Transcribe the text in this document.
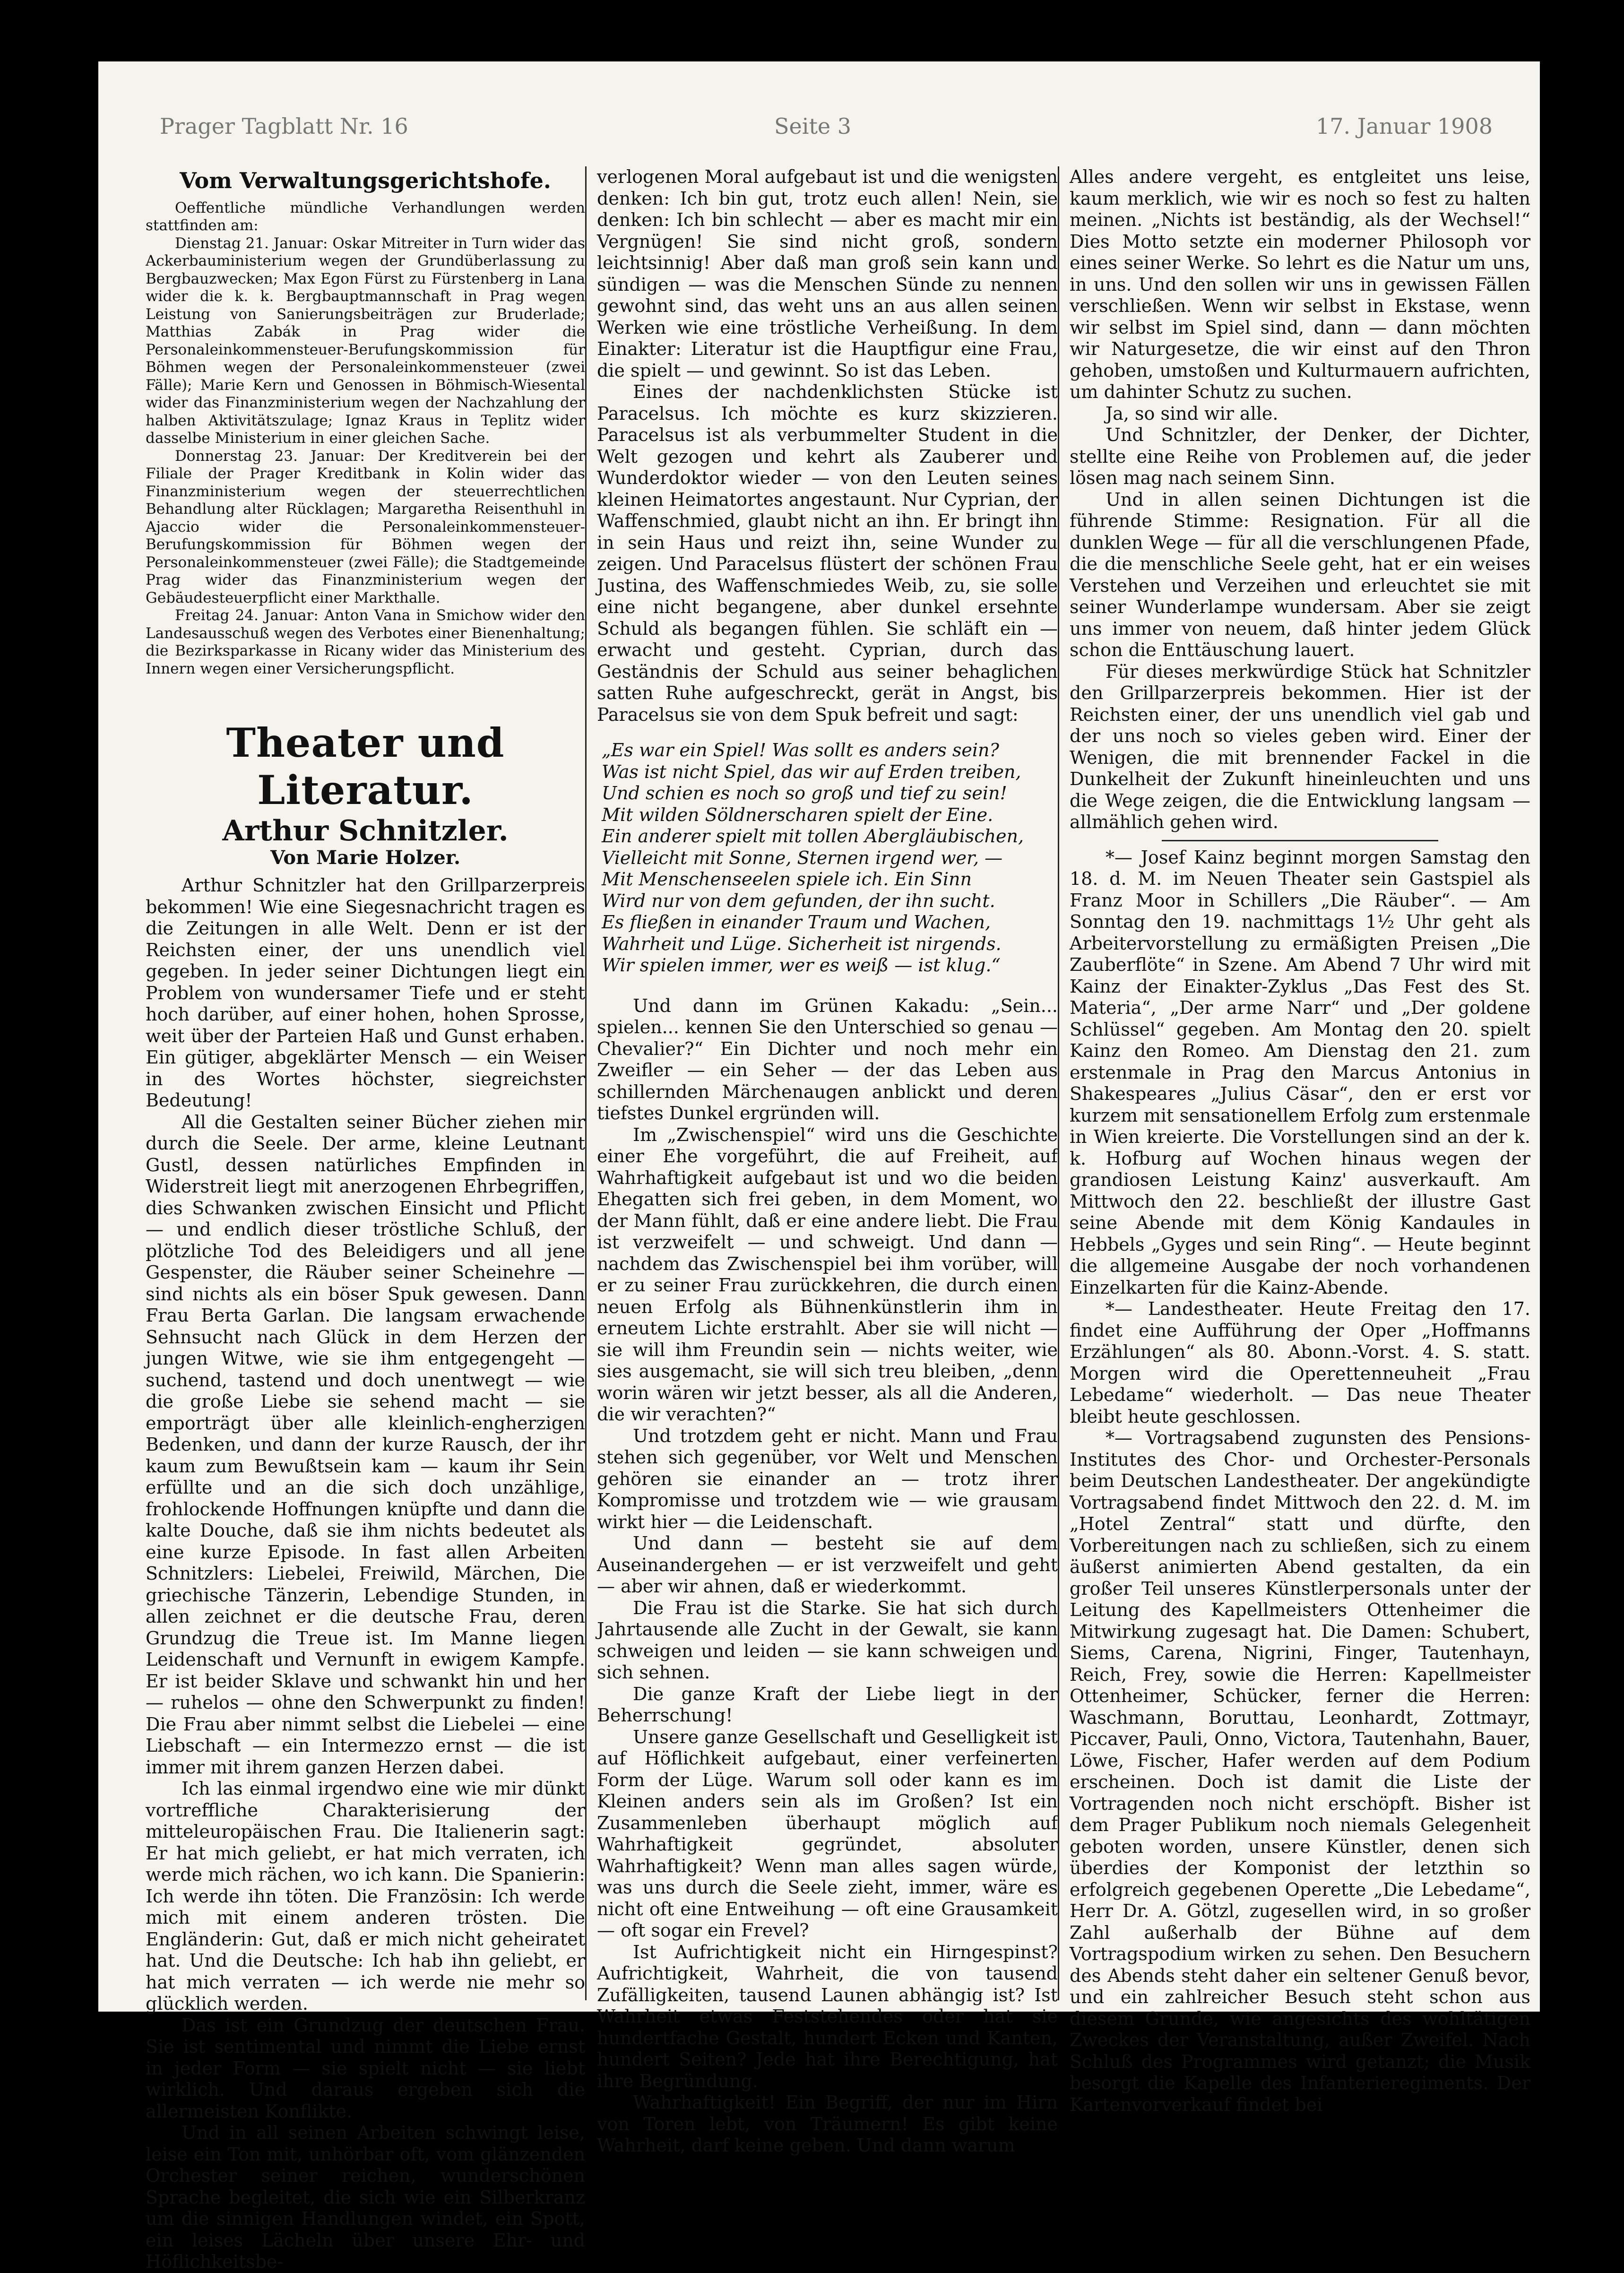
Prager Tagblatt Nr. 16	Seite 3	17. Januar 1908
Vom Verwaltungsgerichtshofe.

Oeffentliche mündliche Verhandlungen werden stattfinden am:

Dienstag 21. Januar: Oskar Mitreiter in Turn wider das Ackerbauministerium wegen der Grundüberlassung zu Bergbauzwecken; Max Egon Fürst zu Fürstenberg in Lana wider die k. k. Bergbauptmannschaft in Prag wegen Leistung von Sanierungsbeiträgen zur Bruderlade; Matthias Zabák in Prag wider die Personaleinkommensteuer-Berufungskommission für Böhmen wegen der Personaleinkommensteuer (zwei Fälle); Marie Kern und Genossen in Böhmisch-Wiesental wider das Finanzministerium wegen der Nachzahlung der halben Aktivitätszulage; Ignaz Kraus in Teplitz wider dasselbe Ministerium in einer gleichen Sache.

Donnerstag 23. Januar: Der Kreditverein bei der Filiale der Prager Kreditbank in Kolin wider das Finanzministerium wegen der steuerrechtlichen Behandlung alter Rücklagen; Margaretha Reisenthuhl in Ajaccio wider die Personaleinkommensteuer-Berufungskommission für Böhmen wegen der Personaleinkommensteuer (zwei Fälle); die Stadtgemeinde Prag wider das Finanzministerium wegen der Gebäudesteuerpflicht einer Markthalle.

Freitag 24. Januar: Anton Vana in Smichow wider den Landesausschuß wegen des Verbotes einer Bienenhaltung; die Bezirksparkasse in Ricany wider das Ministerium des Innern wegen einer Versicherungspflicht.

Theater und Literatur.
Arthur Schnitzler.
Von Marie Holzer.

Arthur Schnitzler hat den Grillparzerpreis bekommen! Wie eine Siegesnachricht tragen es die Zeitungen in alle Welt. Denn er ist der Reichsten einer, der uns unendlich viel gegeben. In jeder seiner Dichtungen liegt ein Problem von wundersamer Tiefe und er steht hoch darüber, auf einer hohen, hohen Sprosse, weit über der Parteien Haß und Gunst erhaben. Ein gütiger, abgeklärter Mensch — ein Weiser in des Wortes höchster, siegreichster Bedeutung!

All die Gestalten seiner Bücher ziehen mir durch die Seele. Der arme, kleine Leutnant Gustl, dessen natürliches Empfinden in Widerstreit liegt mit anerzogenen Ehrbegriffen, dies Schwanken zwischen Einsicht und Pflicht — und endlich dieser tröstliche Schluß, der plötzliche Tod des Beleidigers und all jene Gespenster, die Räuber seiner Scheinehre — sind nichts als ein böser Spuk gewesen. Dann Frau Berta Garlan. Die langsam erwachende Sehnsucht nach Glück in dem Herzen der jungen Witwe, wie sie ihm entgegengeht — suchend, tastend und doch unentwegt — wie die große Liebe sie sehend macht — sie emporträgt über alle kleinlich-engherzigen Bedenken, und dann der kurze Rausch, der ihr kaum zum Bewußtsein kam — kaum ihr Sein erfüllte und an die sich doch unzählige, frohlockende Hoffnungen knüpfte und dann die kalte Douche, daß sie ihm nichts bedeutet als eine kurze Episode. In fast allen Arbeiten Schnitzlers: Liebelei, Freiwild, Märchen, Die griechische Tänzerin, Lebendige Stunden, in allen zeichnet er die deutsche Frau, deren Grundzug die Treue ist. Im Manne liegen Leidenschaft und Vernunft in ewigem Kampfe. Er ist beider Sklave und schwankt hin und her — ruhelos — ohne den Schwerpunkt zu finden! Die Frau aber nimmt selbst die Liebelei — eine Liebschaft — ein Intermezzo ernst — die ist immer mit ihrem ganzen Herzen dabei.

Ich las einmal irgendwo eine wie mir dünkt vortreffliche Charakterisierung der mitteleuropäischen Frau. Die Italienerin sagt: Er hat mich geliebt, er hat mich verraten, ich werde mich rächen, wo ich kann. Die Spanierin: Ich werde ihn töten. Die Französin: Ich werde mich mit einem anderen trösten. Die Engländerin: Gut, daß er mich nicht geheiratet hat. Und die Deutsche: Ich hab ihn geliebt, er hat mich verraten — ich werde nie mehr so glücklich werden.

Das ist ein Grundzug der deutschen Frau. Sie ist sentimental und nimmt die Liebe ernst in jeder Form — sie spielt nicht — sie liebt wirklich. Und daraus ergeben sich die allermeisten Konflikte.

Und in all seinen Arbeiten schwingt leise, leise ein Ton mit, unhörbar oft, vom glänzenden Orchester seiner reichen, wunderschönen Sprache begleitet, die sich wie ein Silberkranz um die sinnigen Handlungen windet, ein Spott, ein leises Lächeln über unsere Ehr- und Höflichkeitsbe-

verlogenen Moral aufgebaut ist und die wenigsten denken: Ich bin gut, trotz euch allen! Nein, sie denken: Ich bin schlecht — aber es macht mir ein Vergnügen! Sie sind nicht groß, sondern leichtsinnig! Aber daß man groß sein kann und sündigen — was die Menschen Sünde zu nennen gewohnt sind, das weht uns an aus allen seinen Werken wie eine tröstliche Verheißung. In dem Einakter: Literatur ist die Hauptfigur eine Frau, die spielt — und gewinnt. So ist das Leben.

Eines der nachdenklichsten Stücke ist Paracelsus. Ich möchte es kurz skizzieren. Paracelsus ist als verbummelter Student in die Welt gezogen und kehrt als Zauberer und Wunderdoktor wieder — von den Leuten seines kleinen Heimatortes angestaunt. Nur Cyprian, der Waffenschmied, glaubt nicht an ihn. Er bringt ihn in sein Haus und reizt ihn, seine Wunder zu zeigen. Und Paracelsus flüstert der schönen Frau Justina, des Waffenschmiedes Weib, zu, sie solle eine nicht begangene, aber dunkel ersehnte Schuld als begangen fühlen. Sie schläft ein — erwacht und gesteht. Cyprian, durch das Geständnis der Schuld aus seiner behaglichen satten Ruhe aufgeschreckt, gerät in Angst, bis Paracelsus sie von dem Spuk befreit und sagt:

„Es war ein Spiel! Was sollt es anders sein?
Was ist nicht Spiel, das wir auf Erden treiben,
Und schien es noch so groß und tief zu sein!
Mit wilden Söldnerscharen spielt der Eine.
Ein anderer spielt mit tollen Abergläubischen,
Vielleicht mit Sonne, Sternen irgend wer, —
Mit Menschenseelen spiele ich. Ein Sinn
Wird nur von dem gefunden, der ihn sucht.
Es fließen in einander Traum und Wachen,
Wahrheit und Lüge. Sicherheit ist nirgends.
Wir spielen immer, wer es weiß — ist klug.“

Und dann im Grünen Kakadu: „Sein... spielen... kennen Sie den Unterschied so genau — Chevalier?“ Ein Dichter und noch mehr ein Zweifler — ein Seher — der das Leben aus schillernden Märchenaugen anblickt und deren tiefstes Dunkel ergründen will.

Im „Zwischenspiel“ wird uns die Geschichte einer Ehe vorgeführt, die auf Freiheit, auf Wahrhaftigkeit aufgebaut ist und wo die beiden Ehegatten sich frei geben, in dem Moment, wo der Mann fühlt, daß er eine andere liebt. Die Frau ist verzweifelt — und schweigt. Und dann — nachdem das Zwischenspiel bei ihm vorüber, will er zu seiner Frau zurückkehren, die durch einen neuen Erfolg als Bühnenkünstlerin ihm in erneutem Lichte erstrahlt. Aber sie will nicht — sie will ihm Freundin sein — nichts weiter, wie sies ausgemacht, sie will sich treu bleiben, „denn worin wären wir jetzt besser, als all die Anderen, die wir verachten?“

Und trotzdem geht er nicht. Mann und Frau stehen sich gegenüber, vor Welt und Menschen gehören sie einander an — trotz ihrer Kompromisse und trotzdem wie — wie grausam wirkt hier — die Leidenschaft.

Und dann — besteht sie auf dem Auseinandergehen — er ist verzweifelt und geht — aber wir ahnen, daß er wiederkommt.

Die Frau ist die Starke. Sie hat sich durch Jahrtausende alle Zucht in der Gewalt, sie kann schweigen und leiden — sie kann schweigen und sich sehnen.

Die ganze Kraft der Liebe liegt in der Beherrschung!

Unsere ganze Gesellschaft und Geselligkeit ist auf Höflichkeit aufgebaut, einer verfeinerten Form der Lüge. Warum soll oder kann es im Kleinen anders sein als im Großen? Ist ein Zusammenleben überhaupt möglich auf Wahrhaftigkeit gegründet, absoluter Wahrhaftigkeit? Wenn man alles sagen würde, was uns durch die Seele zieht, immer, wäre es nicht oft eine Entweihung — oft eine Grausamkeit — oft sogar ein Frevel?

Ist Aufrichtigkeit nicht ein Hirngespinst? Aufrichtigkeit, Wahrheit, die von tausend Zufälligkeiten, tausend Launen abhängig ist? Ist Wahrheit etwas Feststehendes oder hat sie hundertfache Gestalt, hundert Ecken und Kanten, hundert Seiten? Jede hat ihre Berechtigung, hat ihre Begründung.

Wahrhaftigkeit! Ein Begriff, der nur im Hirn von Toren lebt, von Träumern! Es gibt keine Wahrheit, darf keine geben. Und dann warum

Alles andere vergeht, es entgleitet uns leise, kaum merklich, wie wir es noch so fest zu halten meinen. „Nichts ist beständig, als der Wechsel!“ Dies Motto setzte ein moderner Philosoph vor eines seiner Werke. So lehrt es die Natur um uns, in uns. Und den sollen wir uns in gewissen Fällen verschließen. Wenn wir selbst in Ekstase, wenn wir selbst im Spiel sind, dann — dann möchten wir Naturgesetze, die wir einst auf den Thron gehoben, umstoßen und Kulturmauern aufrichten, um dahinter Schutz zu suchen.

Ja, so sind wir alle.

Und Schnitzler, der Denker, der Dichter, stellte eine Reihe von Problemen auf, die jeder lösen mag nach seinem Sinn.

Und in allen seinen Dichtungen ist die führende Stimme: Resignation. Für all die dunklen Wege — für all die verschlungenen Pfade, die die menschliche Seele geht, hat er ein weises Verstehen und Verzeihen und erleuchtet sie mit seiner Wunderlampe wundersam. Aber sie zeigt uns immer von neuem, daß hinter jedem Glück schon die Enttäuschung lauert.

Für dieses merkwürdige Stück hat Schnitzler den Grillparzerpreis bekommen. Hier ist der Reichsten einer, der uns unendlich viel gab und der uns noch so vieles geben wird. Einer der Wenigen, die mit brennender Fackel in die Dunkelheit der Zukunft hineinleuchten und uns die Wege zeigen, die die Entwicklung langsam — allmählich gehen wird.

*— Josef Kainz beginnt morgen Samstag den 18. d. M. im Neuen Theater sein Gastspiel als Franz Moor in Schillers „Die Räuber“. — Am Sonntag den 19. nachmittags 1½ Uhr geht als Arbeitervorstellung zu ermäßigten Preisen „Die Zauberflöte“ in Szene. Am Abend 7 Uhr wird mit Kainz der Einakter-Zyklus „Das Fest des St. Materia“, „Der arme Narr“ und „Der goldene Schlüssel“ gegeben. Am Montag den 20. spielt Kainz den Romeo. Am Dienstag den 21. zum erstenmale in Prag den Marcus Antonius in Shakespeares „Julius Cäsar“, den er erst vor kurzem mit sensationellem Erfolg zum erstenmale in Wien kreierte. Die Vorstellungen sind an der k. k. Hofburg auf Wochen hinaus wegen der grandiosen Leistung Kainz' ausverkauft. Am Mittwoch den 22. beschließt der illustre Gast seine Abende mit dem König Kandaules in Hebbels „Gyges und sein Ring“. — Heute beginnt die allgemeine Ausgabe der noch vorhandenen Einzelkarten für die Kainz-Abende.

*— Landestheater. Heute Freitag den 17. findet eine Aufführung der Oper „Hoffmanns Erzählungen“ als 80. Abonn.-Vorst. 4. S. statt. Morgen wird die Operettenneuheit „Frau Lebedame“ wiederholt. — Das neue Theater bleibt heute geschlossen.

*— Vortragsabend zugunsten des Pensions-Institutes des Chor- und Orchester-Personals beim Deutschen Landestheater. Der angekündigte Vortragsabend findet Mittwoch den 22. d. M. im „Hotel Zentral“ statt und dürfte, den Vorbereitungen nach zu schließen, sich zu einem äußerst animierten Abend gestalten, da ein großer Teil unseres Künstlerpersonals unter der Leitung des Kapellmeisters Ottenheimer die Mitwirkung zugesagt hat. Die Damen: Schubert, Siems, Carena, Nigrini, Finger, Tautenhayn, Reich, Frey, sowie die Herren: Kapellmeister Ottenheimer, Schücker, ferner die Herren: Waschmann, Boruttau, Leonhardt, Zottmayr, Piccaver, Pauli, Onno, Victora, Tautenhahn, Bauer, Löwe, Fischer, Hafer werden auf dem Podium erscheinen. Doch ist damit die Liste der Vortragenden noch nicht erschöpft. Bisher ist dem Prager Publikum noch niemals Gelegenheit geboten worden, unsere Künstler, denen sich überdies der Komponist der letzthin so erfolgreich gegebenen Operette „Die Lebedame“, Herr Dr. A. Götzl, zugesellen wird, in so großer Zahl außerhalb der Bühne auf dem Vortragspodium wirken zu sehen. Den Besuchern des Abends steht daher ein seltener Genuß bevor, und ein zahlreicher Besuch steht schon aus diesem Grunde, wie angesichts des wohltätigen Zweckes der Veranstaltung, außer Zweifel. Nach Schluß des Programmes wird getanzt; die Musik besorgt die Kapelle des Infanterieregiments. Der Kartenvorverkauf findet bei
